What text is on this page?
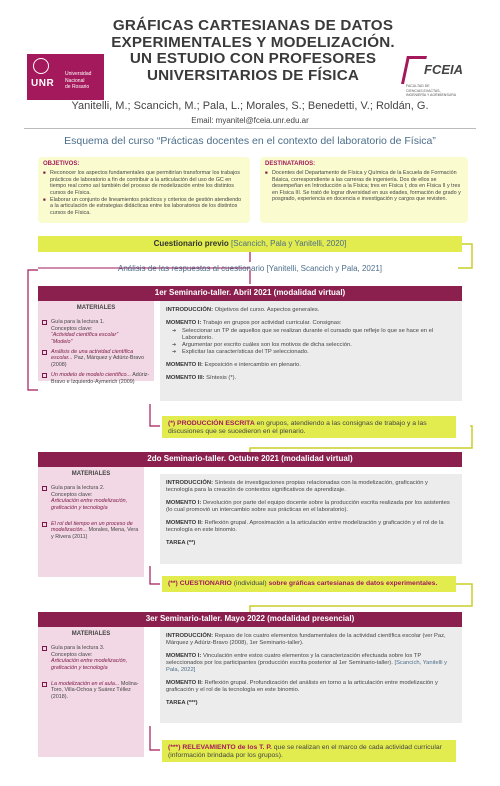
UNR
Universidad
Nacional
de Rosario
GRÁFICAS CARTESIANAS DE DATOS
EXPERIMENTALES Y MODELIZACIÓN.
UN ESTUDIO CON PROFESORES
UNIVERSITARIOS DE FÍSICA	FCEIA
FACULTAD DE
CIENCIAS EXACTAS,
INGENIERÍA Y AGRIMENSURA
Yanitelli, M.; Scancich, M.; Pala, L.; Morales, S.; Benedetti, V.; Roldán, G.
Email: myanitel@fceia.unr.edu.ar
Esquema del curso “Prácticas docentes en el contexto del laboratorio de Física”
OBJETIVOS:
■ Reconocer los aspectos fundamentales que permitirían transformar los trabajos prácticos de laboratorio a fin de contribuir a la articulación del uso de GC en tiempo real como así también del proceso de modelización entre los distintos cursos de Física.
■ Elaborar un conjunto de lineamientos prácticos y criterios de gestión atendiendo a la articulación de estrategias didácticas entre los laboratorios de los distintos cursos de Física.
DESTINATARIOS:
■ Docentes del Departamento de Física y Química de la Escuela de Formación Básica, correspondiente a las carreras de ingeniería. Dos de ellos se desempeñan en Introducción a la Física; tres en Física I; dos en Física II y tres en Física III. Se trató de lograr diversidad en sus edades, formación de grado y posgrado, experiencia en docencia e investigación y cargos que revisten.
Cuestionario previo [Scancich, Pala y Yanitelli, 2020]
Análisis de las respuestas al cuestionario [Yanitelli, Scancich y Pala, 2021]
1er Seminario-taller. Abril 2021 (modalidad virtual)
MATERIALES
Guía para la lectura 1.
Conceptos clave:
“Actividad científica escolar”
“Modelo”
Análisis de una actividad científica escolar... Paz, Márquez y Adúriz-Bravo (2008)
Un modelo de modelo científico... Adúriz-Bravo e Izquierdo-Aymerich (2009)

INTRODUCCIÓN: Objetivos del curso. Aspectos generales.

MOMENTO I: Trabajo en grupos por actividad curricular. Consignas:

➔ Seleccionar un TP de aquellos que se realizan durante el cursado que refleje lo que se hace en el Laboratorio.
➔ Argumentar por escrito cuáles son los motivos de dicha selección.
➔ Explicitar las características del TP seleccionado.

MOMENTO II: Exposición e intercambio en plenario.

MOMENTO III: Síntesis (*).

(*) PRODUCCIÓN ESCRITA en grupos, atendiendo a las consignas de trabajo y a las discusiones que se sucedieron en el plenario.
2do Seminario-taller. Octubre 2021 (modalidad virtual)
MATERIALES
Guía para la lectura 2.
Conceptos clave:
Articulación entre modelización, graficación y tecnología
El rol del tiempo en un proceso de modelización... Morales, Mena, Vera y Rivera (2011)

INTRODUCCIÓN: Síntesis de investigaciones propias relacionadas con la modelización, graficación y tecnología para la creación de contextos significativos de aprendizaje.

MOMENTO I: Devolución por parte del equipo docente sobre la producción escrita realizada por los asistentes (lo cual promovió un intercambio sobre sus prácticas en el laboratorio).

MOMENTO II: Reflexión grupal. Aproximación a la articulación entre modelización y graficación y el rol de la tecnología en este binomio.

TAREA (**)

(**) CUESTIONARIO (individual) sobre gráficas cartesianas de datos experimentales.
3er Seminario-taller. Mayo 2022 (modalidad presencial)
MATERIALES
Guía para la lectura 3.
Conceptos clave:
Articulación entre modelización, graficación y tecnología
La modelización en el aula... Molina-Toro, Villa-Ochoa y Suárez Téllez (2018).

INTRODUCCIÓN: Repaso de los cuatro elementos fundamentales de la actividad científica escolar (ver Paz, Márquez y Adúriz-Bravo (2008), 1er Seminario-taller).

MOMENTO I: Vinculación entre estos cuatro elementos y la caracterización efectuada sobre los TP seleccionados por los participantes (producción escrita posterior al 1er Seminario-taller). [Scancich, Yanitelli y Pala, 2022]

MOMENTO II: Reflexión grupal. Profundización del análisis en torno a la articulación entre modelización y graficación y el rol de la tecnología en este binomio.

TAREA (***)

(***) RELEVAMIENTO de los T. P. que se realizan en el marco de cada actividad curricular (información brindada por los grupos).
